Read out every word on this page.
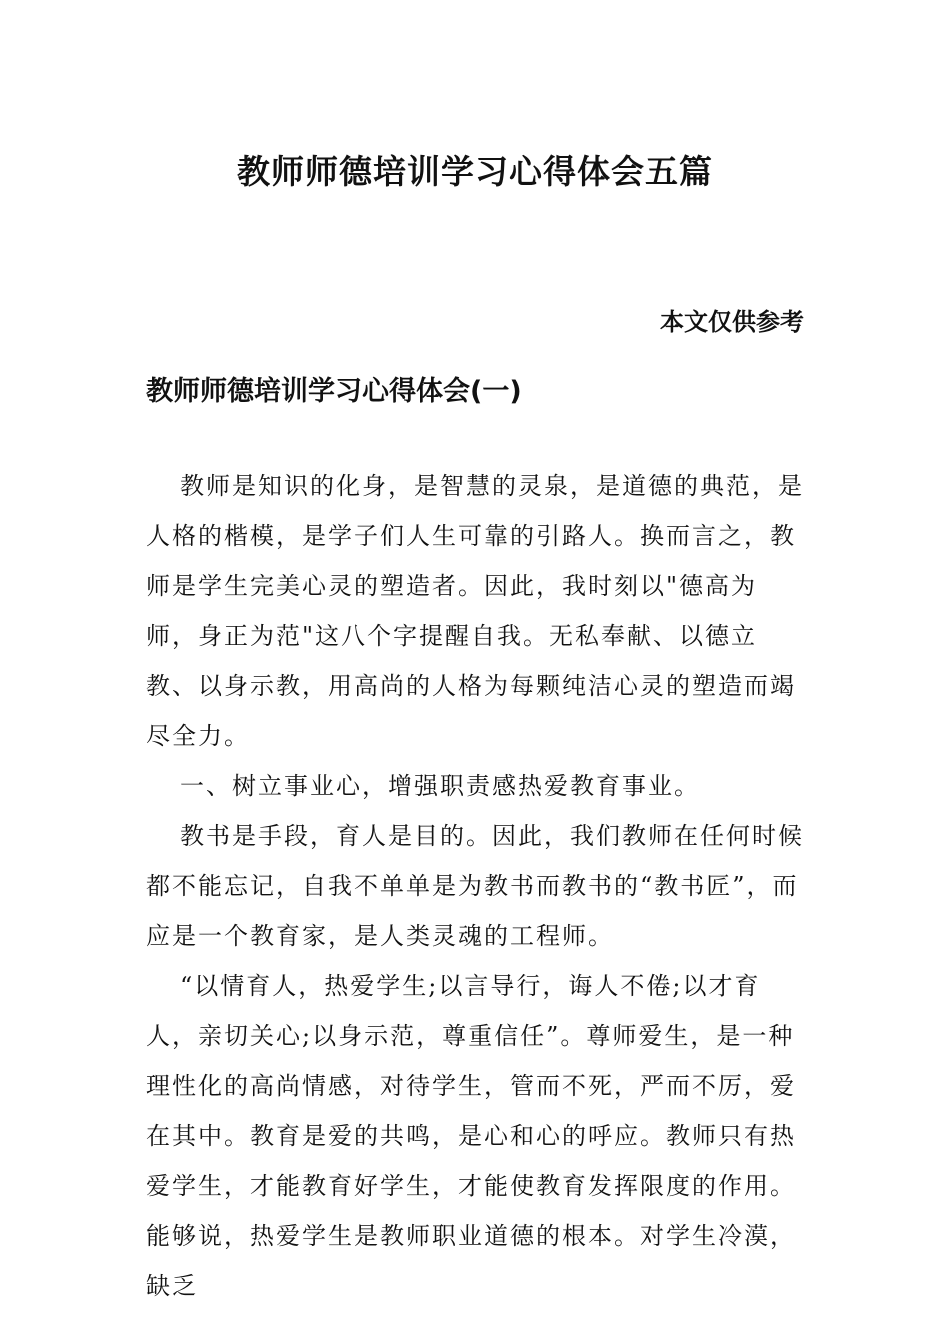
教师师德培训学习心得体会五篇
本文仅供参考
教师师德培训学习心得体会(一)

教师是知识的化身，是智慧的灵泉，是道德的典范，是人格的楷模，是学子们人生可靠的引路人。换而言之，教师是学生完美心灵的塑造者。因此，我时刻以"德高为师，身正为范"这八个字提醒自我。无私奉献、以德立教、以身示教，用高尚的人格为每颗纯洁心灵的塑造而竭尽全力。

一、树立事业心，增强职责感热爱教育事业。

教书是手段，育人是目的。因此，我们教师在任何时候都不能忘记，自我不单单是为教书而教书的“教书匠”，而应是一个教育家，是人类灵魂的工程师。

“以情育人，热爱学生;以言导行，诲人不倦;以才育人，亲切关心;以身示范，尊重信任”。尊师爱生，是一种理性化的高尚情感，对待学生，管而不死，严而不厉，爱在其中。教育是爱的共鸣，是心和心的呼应。教师只有热爱学生，才能教育好学生，才能使教育发挥限度的作用。能够说，热爱学生是教师职业道德的根本。对学生冷漠，缺乏
